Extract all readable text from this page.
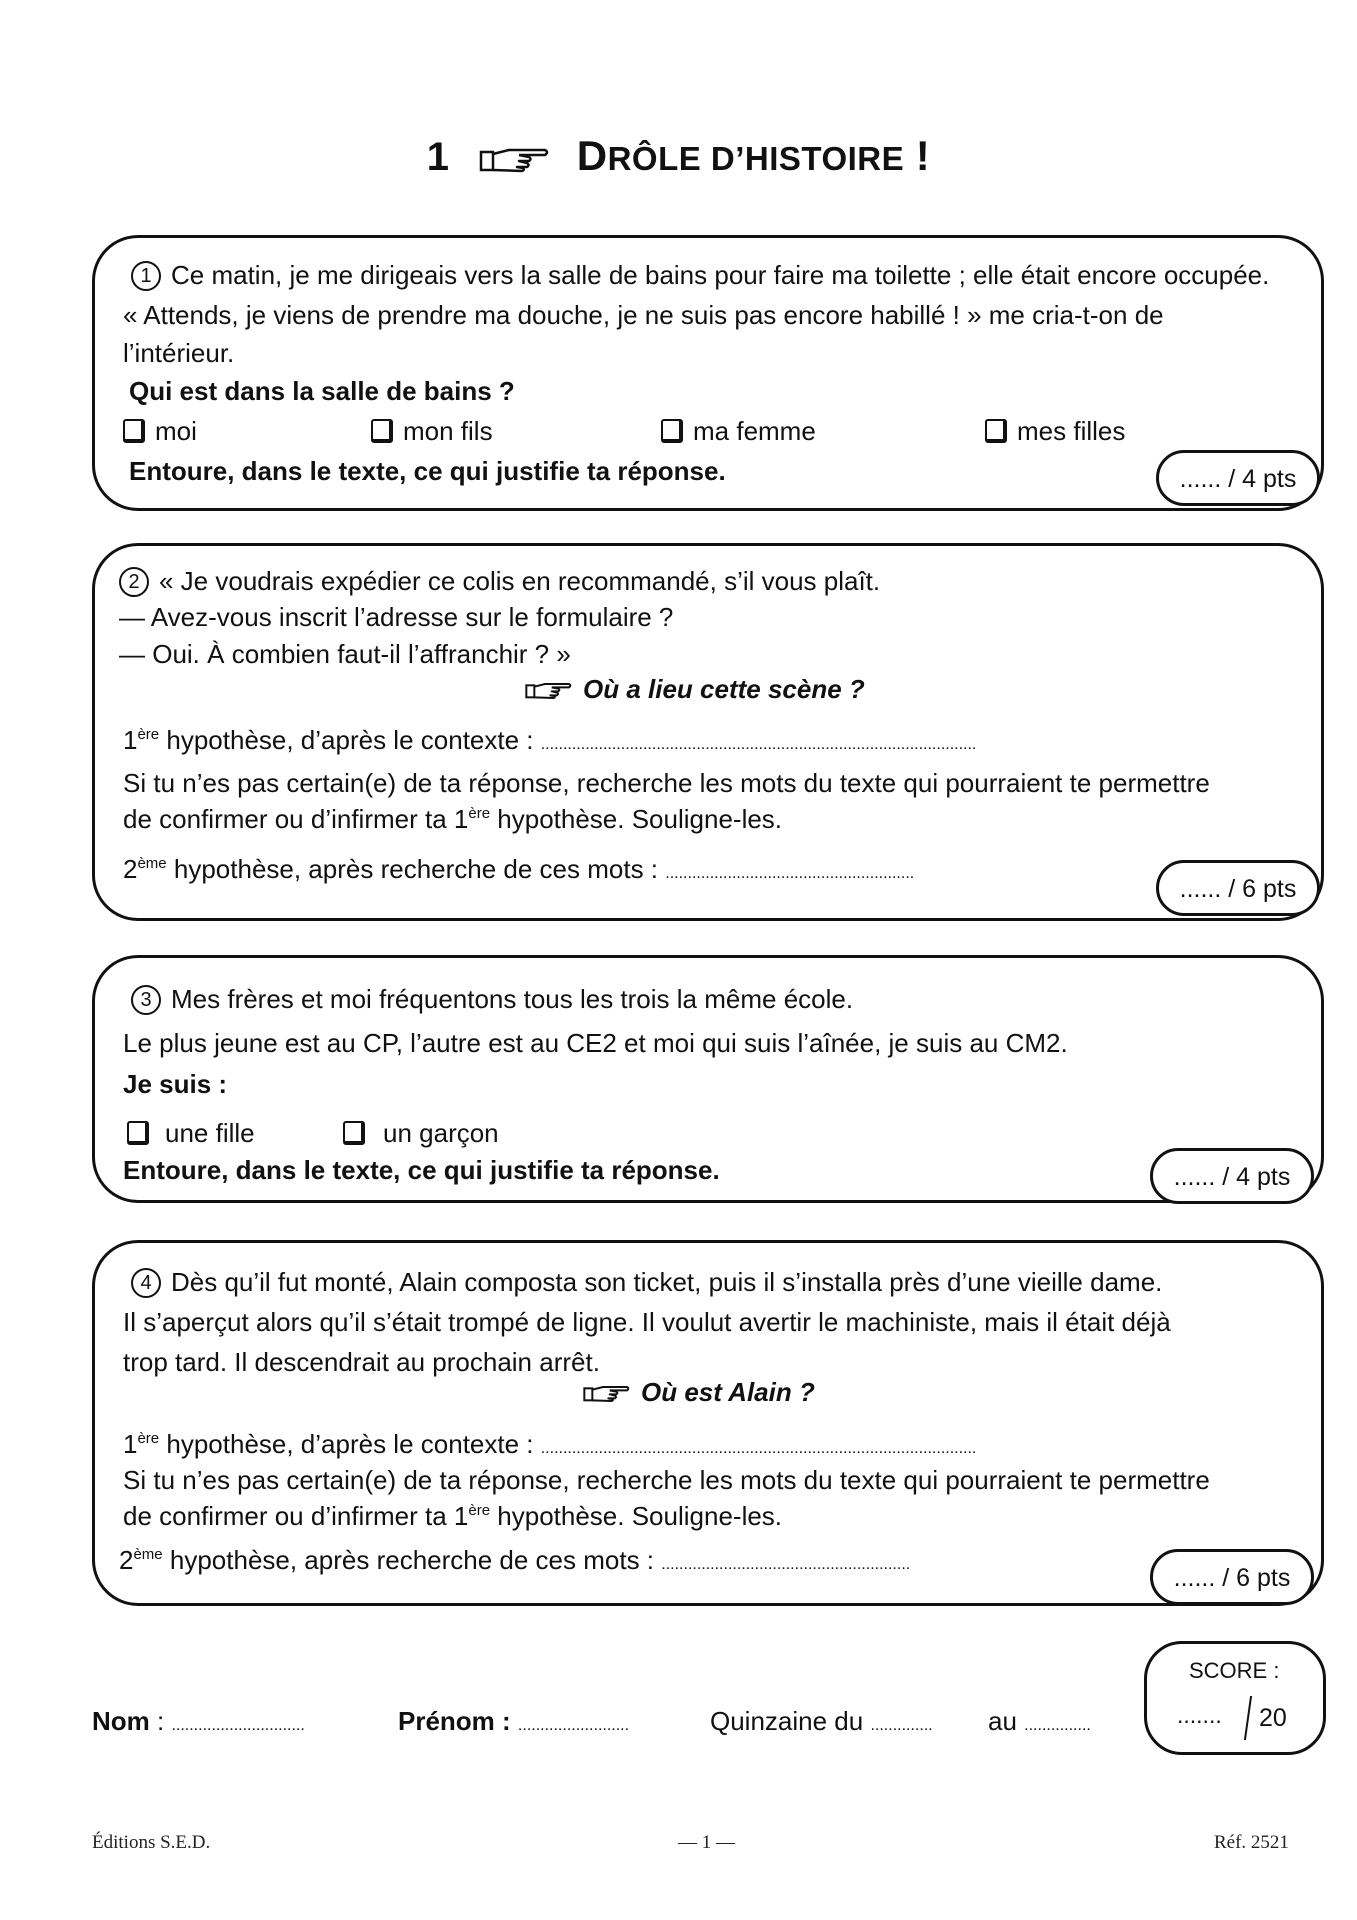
1	DRÔLE D’HISTOIRE !
1 Ce matin, je me dirigeais vers la salle de bains pour faire ma toilette ; elle était encore occupée.
« Attends, je viens de prendre ma douche, je ne suis pas encore habillé ! » me cria-t-on de
l’intérieur.
Qui est dans la salle de bains ?
moi	mon fils	ma femme	mes filles
Entoure, dans le texte, ce qui justifie ta réponse.	...... / 4 pts
2 « Je voudrais expédier ce colis en recommandé, s’il vous plaît.
— Avez-vous inscrit l’adresse sur le formulaire ?
— Oui. À combien faut-il l’affranchir ? »
Où a lieu cette scène ?
1ère hypothèse, d’après le contexte : ..................................................................................................
Si tu n’es pas certain(e) de ta réponse, recherche les mots du texte qui pourraient te permettre
de confirmer ou d’infirmer ta 1ère hypothèse. Souligne-les.
2ème hypothèse, après recherche de ces mots : ........................................................
...... / 6 pts
3 Mes frères et moi fréquentons tous les trois la même école.
Le plus jeune est au CP, l’autre est au CE2 et moi qui suis l’aînée, je suis au CM2.
Je suis :
une fille	un garçon
Entoure, dans le texte, ce qui justifie ta réponse.	...... / 4 pts
4 Dès qu’il fut monté, Alain composta son ticket, puis il s’installa près d’une vieille dame.
Il s’aperçut alors qu’il s’était trompé de ligne. Il voulut avertir le machiniste, mais il était déjà
trop tard. Il descendrait au prochain arrêt.
Où est Alain ?
1ère hypothèse, d’après le contexte : ..................................................................................................
Si tu n’es pas certain(e) de ta réponse, recherche les mots du texte qui pourraient te permettre
de confirmer ou d’infirmer ta 1ère hypothèse. Souligne-les.
2ème hypothèse, après recherche de ces mots : ........................................................	...... / 6 pts
Nom : ..............................	Prénom : .........................	Quinzaine du .............. au ...............
SCORE :
....... 20
Éditions S.E.D.	— 1 —	Réf. 2521
